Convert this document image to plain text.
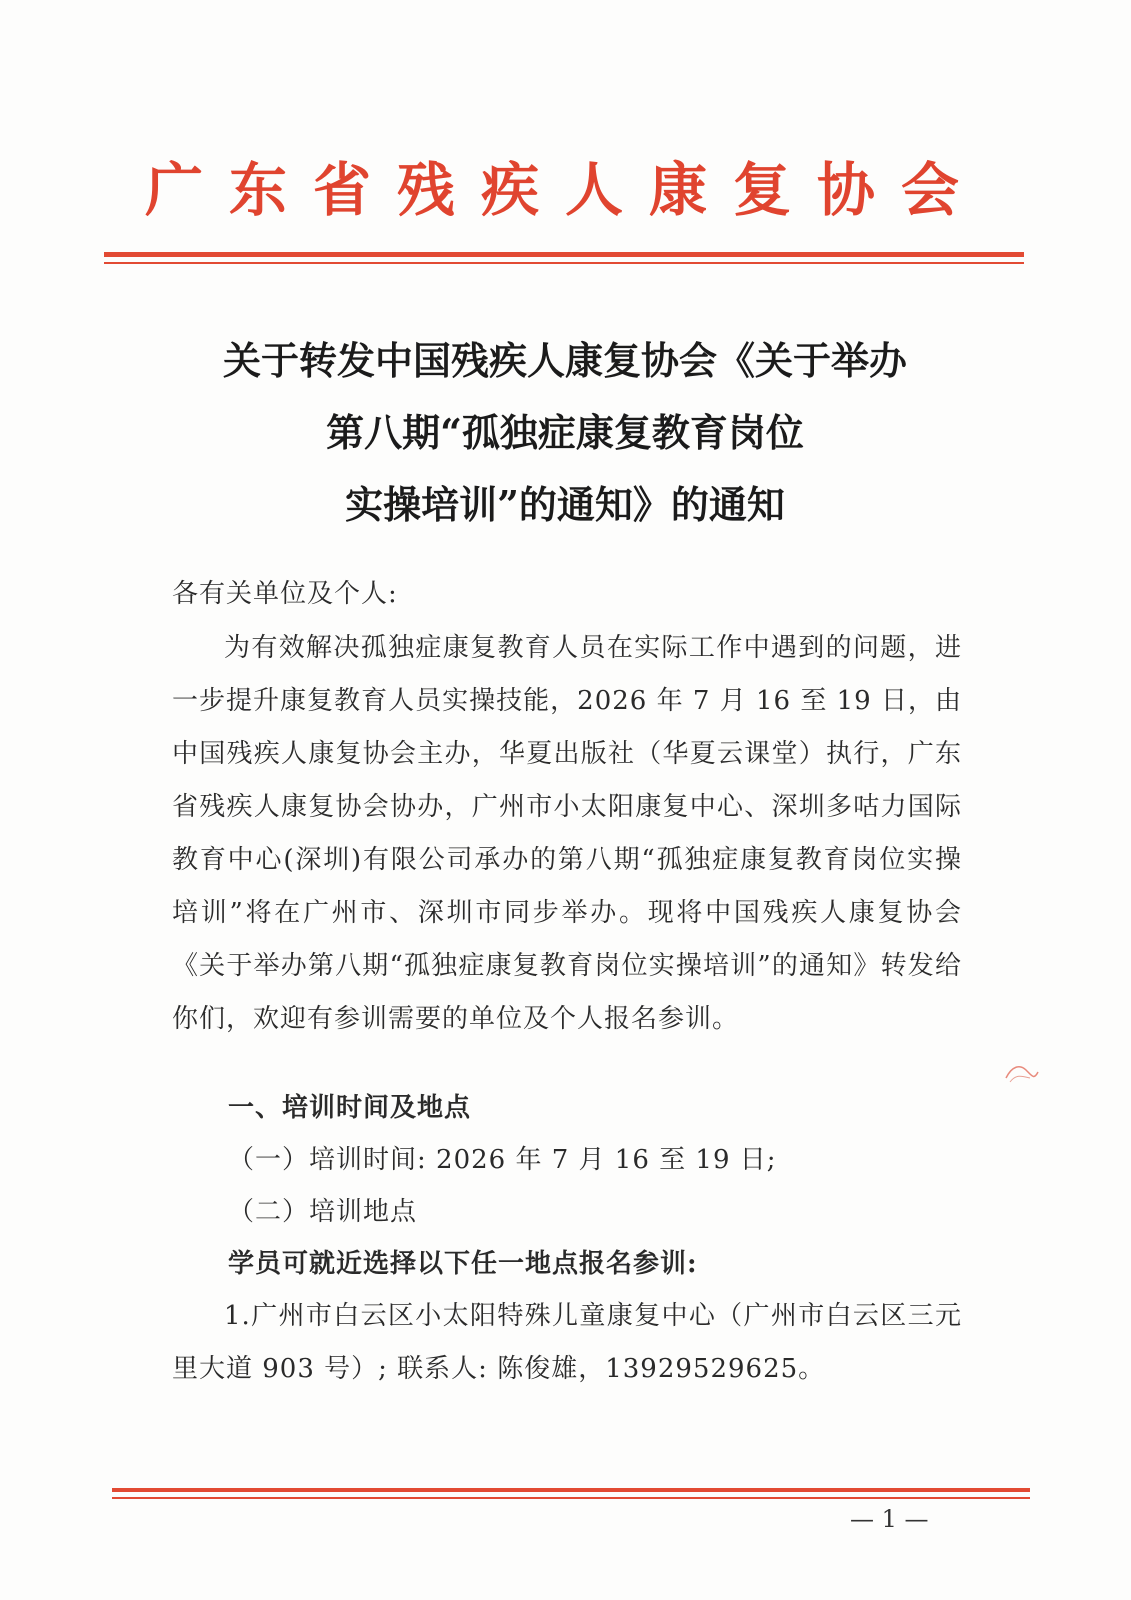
广东省残疾人康复协会
关于转发中国残疾人康复协会《关于举办
第八期“孤独症康复教育岗位
实操培训”的通知》的通知
各有关单位及个人:
为有效解决孤独症康复教育人员在实际工作中遇到的问题，进一步提升康复教育人员实操技能，2026 年 7 月 16 至 19 日，由中国残疾人康复协会主办，华夏出版社（华夏云课堂）执行，广东省残疾人康复协会协办，广州市小太阳康复中心、深圳多咕力国际教育中心(深圳)有限公司承办的第八期“孤独症康复教育岗位实操培训”将在广州市、深圳市同步举办。现将中国残疾人康复协会《关于举办第八期“孤独症康复教育岗位实操培训”的通知》转发给你们，欢迎有参训需要的单位及个人报名参训。
一、培训时间及地点
（一）培训时间: 2026 年 7 月 16 至 19 日;
（二）培训地点
学员可就近选择以下任一地点报名参训:
1.广州市白云区小太阳特殊儿童康复中心（广州市白云区三元里大道 903 号）; 联系人: 陈俊雄，13929529625。
— 1 —
